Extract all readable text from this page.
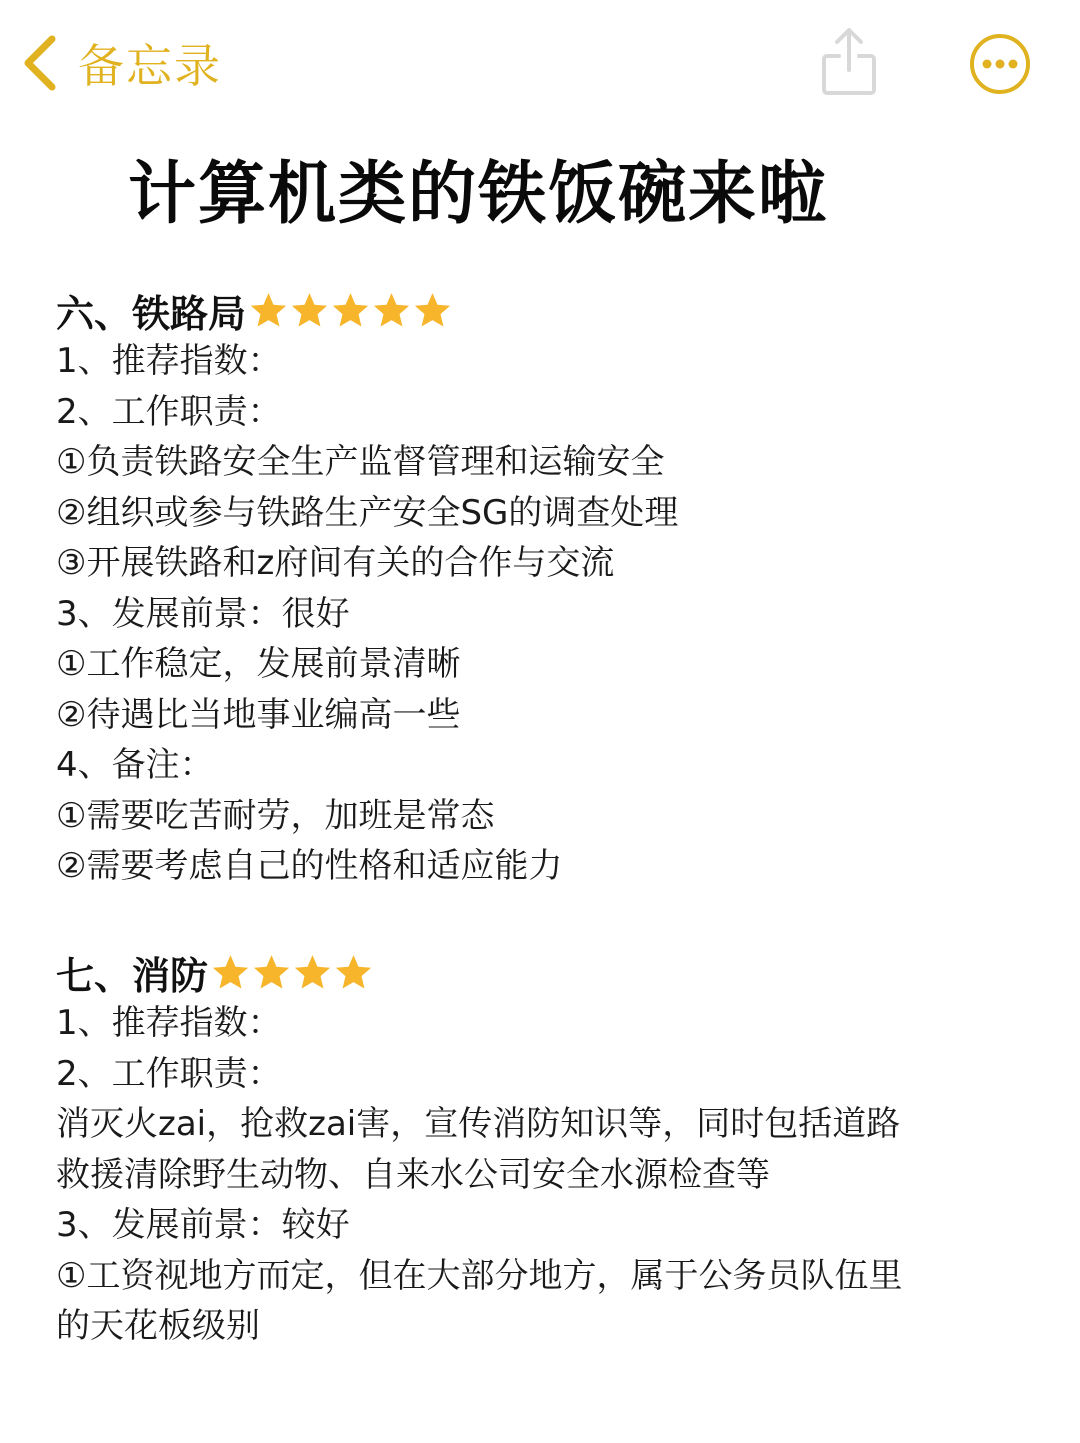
备忘录
计算机类的铁饭碗来啦
六、铁路局
1、推荐指数：
2、工作职责：
①负责铁路安全生产监督管理和运输安全
②组织或参与铁路生产安全SG的调查处理
③开展铁路和z府间有关的合作与交流
3、发展前景：很好
①工作稳定，发展前景清晰
②待遇比当地事业编高一些
4、备注：
①需要吃苦耐劳，加班是常态
②需要考虑自己的性格和适应能力
七、消防
1、推荐指数：
2、工作职责：
消灭火zai，抢救zai害，宣传消防知识等，同时包括道路
救援清除野生动物、自来水公司安全水源检查等
3、发展前景：较好
①工资视地方而定，但在大部分地方，属于公务员队伍里
的天花板级别
